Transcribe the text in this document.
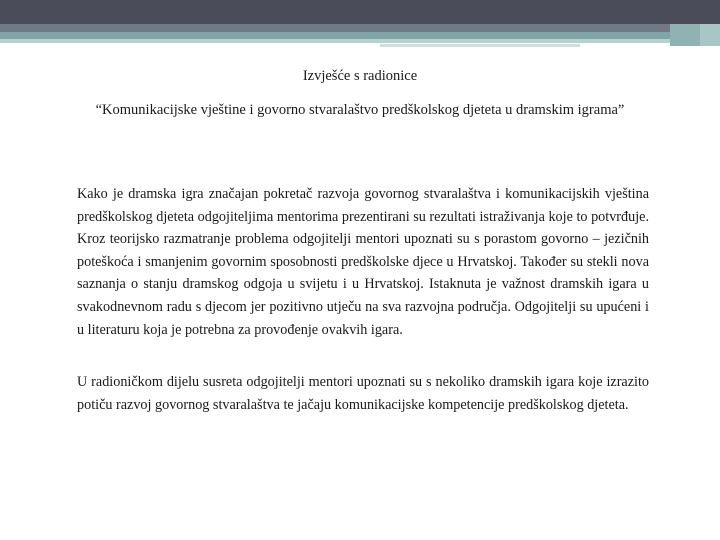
Izvješće s radionice
“Komunikacijske vještine i govorno stvaralaštvo predškolskog djeteta u dramskim igrama”

Kako je dramska igra značajan pokretač razvoja govornog stvaralaštva i komunikacijskih vještina predškolskog djeteta odgojiteljima mentorima prezentirani su rezultati istraživanja koje to potvrđuje. Kroz teorijsko razmatranje problema odgojitelji mentori upoznati su s porastom govorno – jezičnih poteškoća i smanjenim govornim sposobnosti predškolske djece u Hrvatskoj. Također su stekli nova saznanja o stanju dramskog odgoja u svijetu i u Hrvatskoj. Istaknuta je važnost dramskih igara u svakodnevnom radu s djecom jer pozitivno utječu na sva razvojna područja. Odgojitelji su upućeni i u literaturu koja je potrebna za provođenje ovakvih igara.

U radioničkom dijelu susreta odgojitelji mentori upoznati su s nekoliko dramskih igara koje izrazito potiču razvoj govornog stvaralaštva te jačaju komunikacijske kompetencije predškolskog djeteta.
